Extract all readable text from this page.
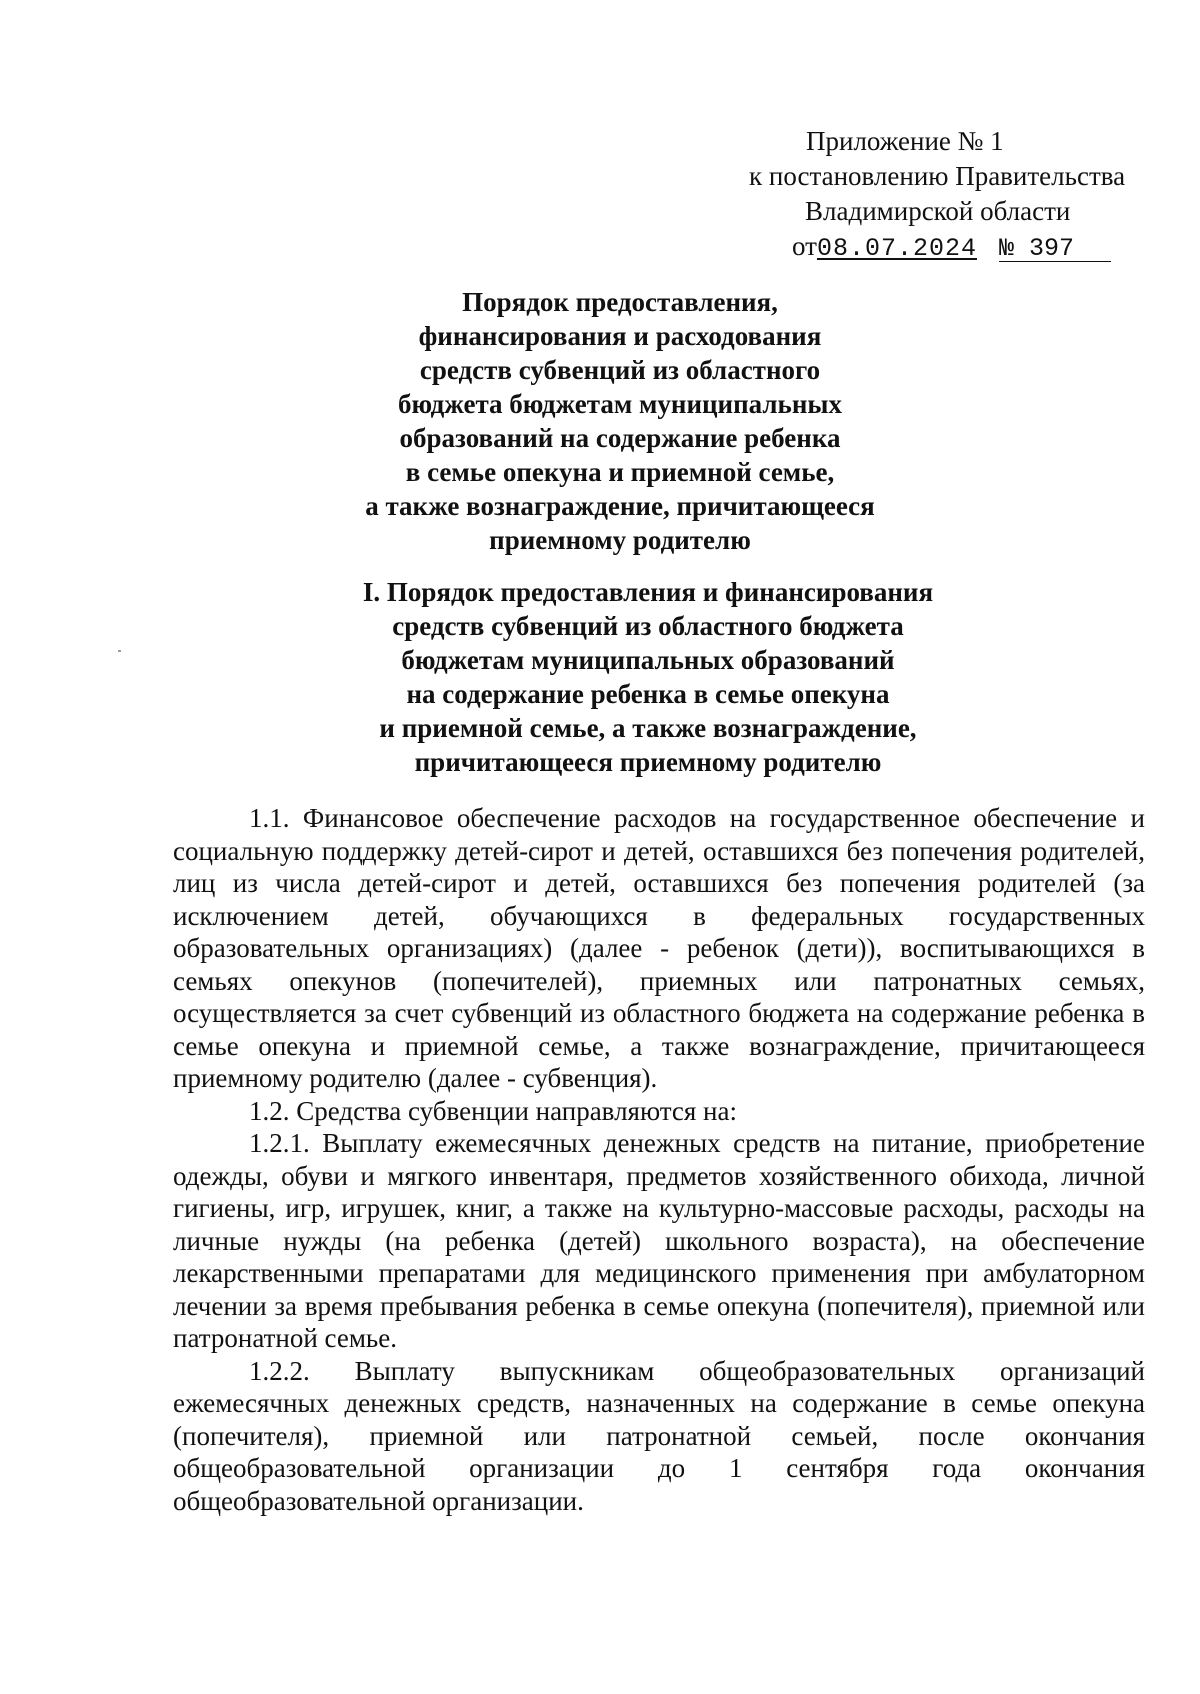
Приложение № 1
к постановлению Правительства
Владимирской области
от08.07.2024 № 397
Порядок предоставления,
финансирования и расходования
средств субвенций из областного
бюджета бюджетам муниципальных
образований на содержание ребенка
в семье опекуна и приемной семье,
а также вознаграждение, причитающееся
приемному родителю
I. Порядок предоставления и финансирования
средств субвенций из областного бюджета
бюджетам муниципальных образований
на содержание ребенка в семье опекуна
и приемной семье, а также вознаграждение,
причитающееся приемному родителю

1.1. Финансовое обеспечение расходов на государственное обеспечение и социальную поддержку детей-сирот и детей, оставшихся без попечения родителей, лиц из числа детей-сирот и детей, оставшихся без попечения родителей (за исключением детей, обучающихся в федеральных государственных образовательных организациях) (далее - ребенок (дети)), воспитывающихся в семьях опекунов (попечителей), приемных или патронатных семьях, осуществляется за счет субвенций из областного бюджета на содержание ребенка в семье опекуна и приемной семье, а также вознаграждение, причитающееся приемному родителю (далее - субвенция).

1.2. Средства субвенции направляются на:

1.2.1. Выплату ежемесячных денежных средств на питание, приобретение одежды, обуви и мягкого инвентаря, предметов хозяйственного обихода, личной гигиены, игр, игрушек, книг, а также на культурно-массовые расходы, расходы на личные нужды (на ребенка (детей) школьного возраста), на обеспечение лекарственными препаратами для медицинского применения при амбулаторном лечении за время пребывания ребенка в семье опекуна (попечителя), приемной или патронатной семье.

1.2.2. Выплату выпускникам общеобразовательных организаций ежемесячных денежных средств, назначенных на содержание в семье опекуна (попечителя), приемной или патронатной семьей, после окончания общеобразовательной организации до 1 сентября года окончания общеобразовательной организации.
